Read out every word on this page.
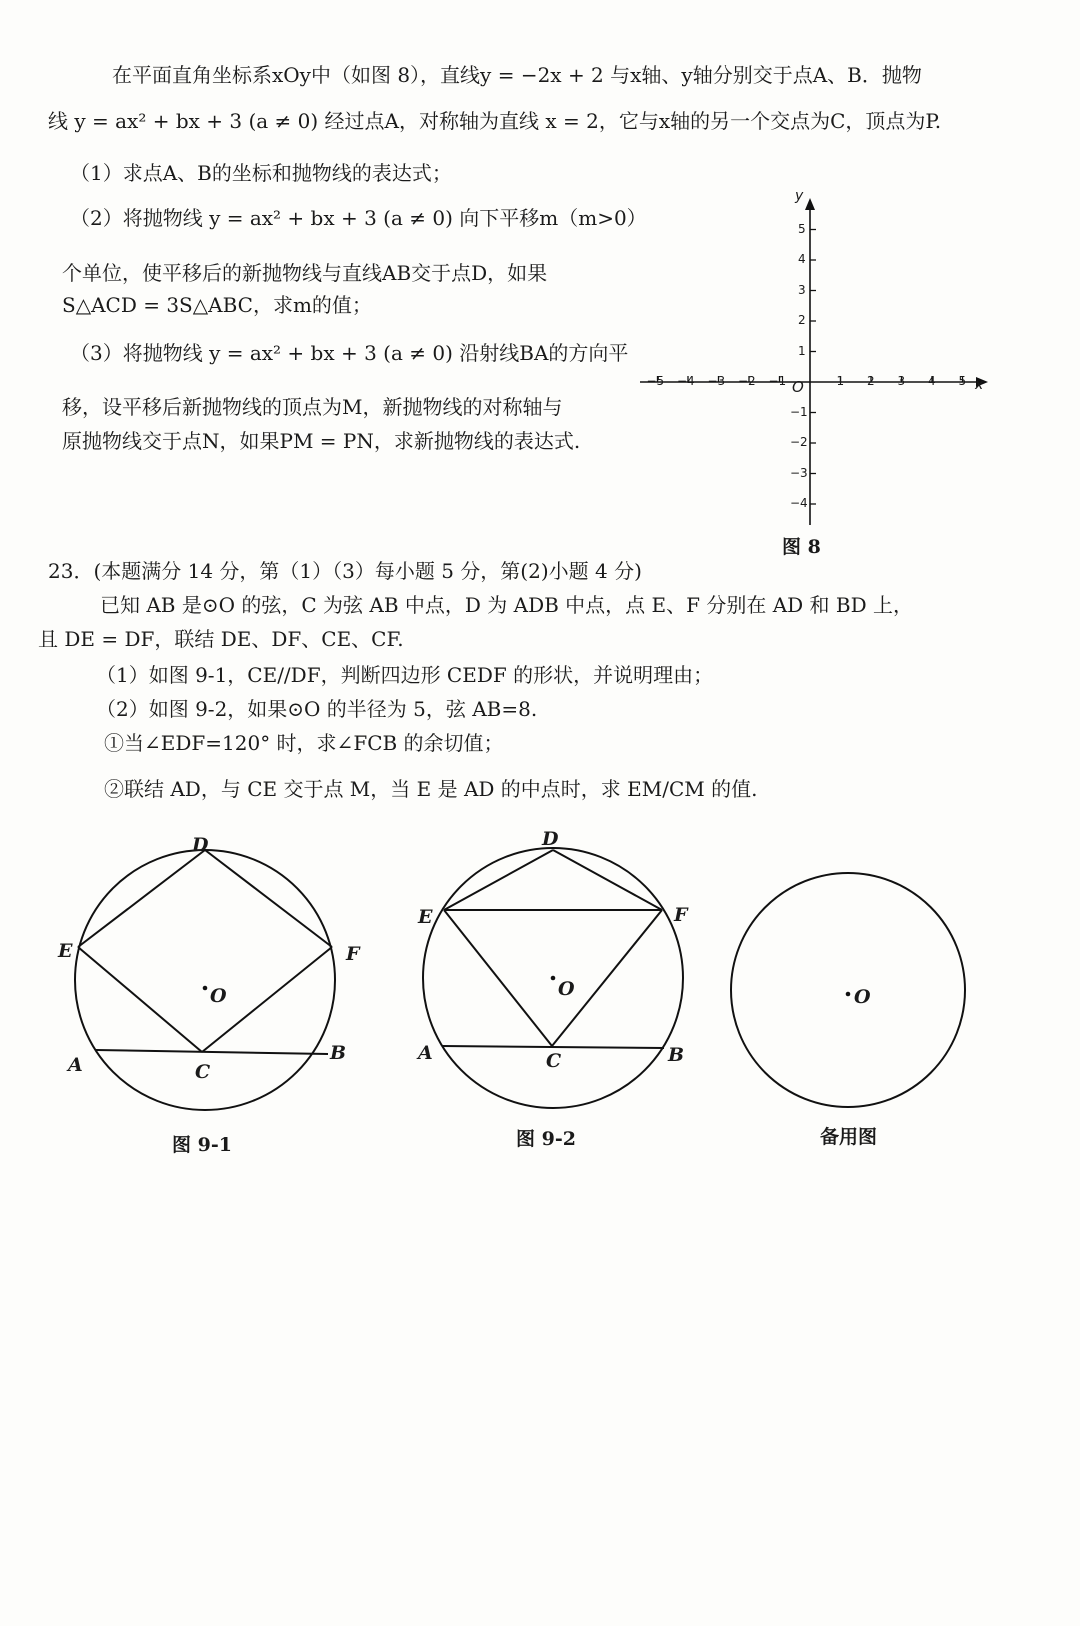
在平面直角坐标系xOy中（如图 8），直线y = −2x + 2 与x轴、y轴分别交于点A、B．抛物
线 y = ax² + bx + 3 (a ≠ 0) 经过点A，对称轴为直线 x = 2，它与x轴的另一个交点为C，顶点为P.
（1）求点A、B的坐标和抛物线的表达式；
（2）将抛物线 y = ax² + bx + 3 (a ≠ 0) 向下平移m（m>0）
个单位，使平移后的新抛物线与直线AB交于点D，如果
S△ACD = 3S△ABC，求m的值；
（3）将抛物线 y = ax² + bx + 3 (a ≠ 0) 沿射线BA的方向平
移，设平移后新抛物线的顶点为M，新抛物线的对称轴与
原抛物线交于点N，如果PM = PN，求新抛物线的表达式.
−5 −4 −3 −2 −1	1 2 3 4 5
5
4
3
2
1
−1
−2
−3
−4
x
y
O
图 8
23．(本题满分 14 分，第（1）（3）每小题 5 分，第(2)小题 4 分)
已知 AB 是⊙O 的弦，C 为弦 AB 中点，D 为 ADB 中点，点 E、F 分别在 AD 和 BD 上，
且 DE = DF，联结 DE、DF、CE、CF.
（1）如图 9-1，CE//DF，判断四边形 CEDF 的形状，并说明理由；
（2）如图 9-2，如果⊙O 的半径为 5，弦 AB=8.
①当∠EDF=120° 时，求∠FCB 的余切值；
②联结 AD，与 CE 交于点 M，当 E 是 AD 的中点时，求 EM/CM 的值.
D
E	F
A
B
C
O
图 9-1
D
E	F
A	B
C
O
图 9-2
O
备用图
